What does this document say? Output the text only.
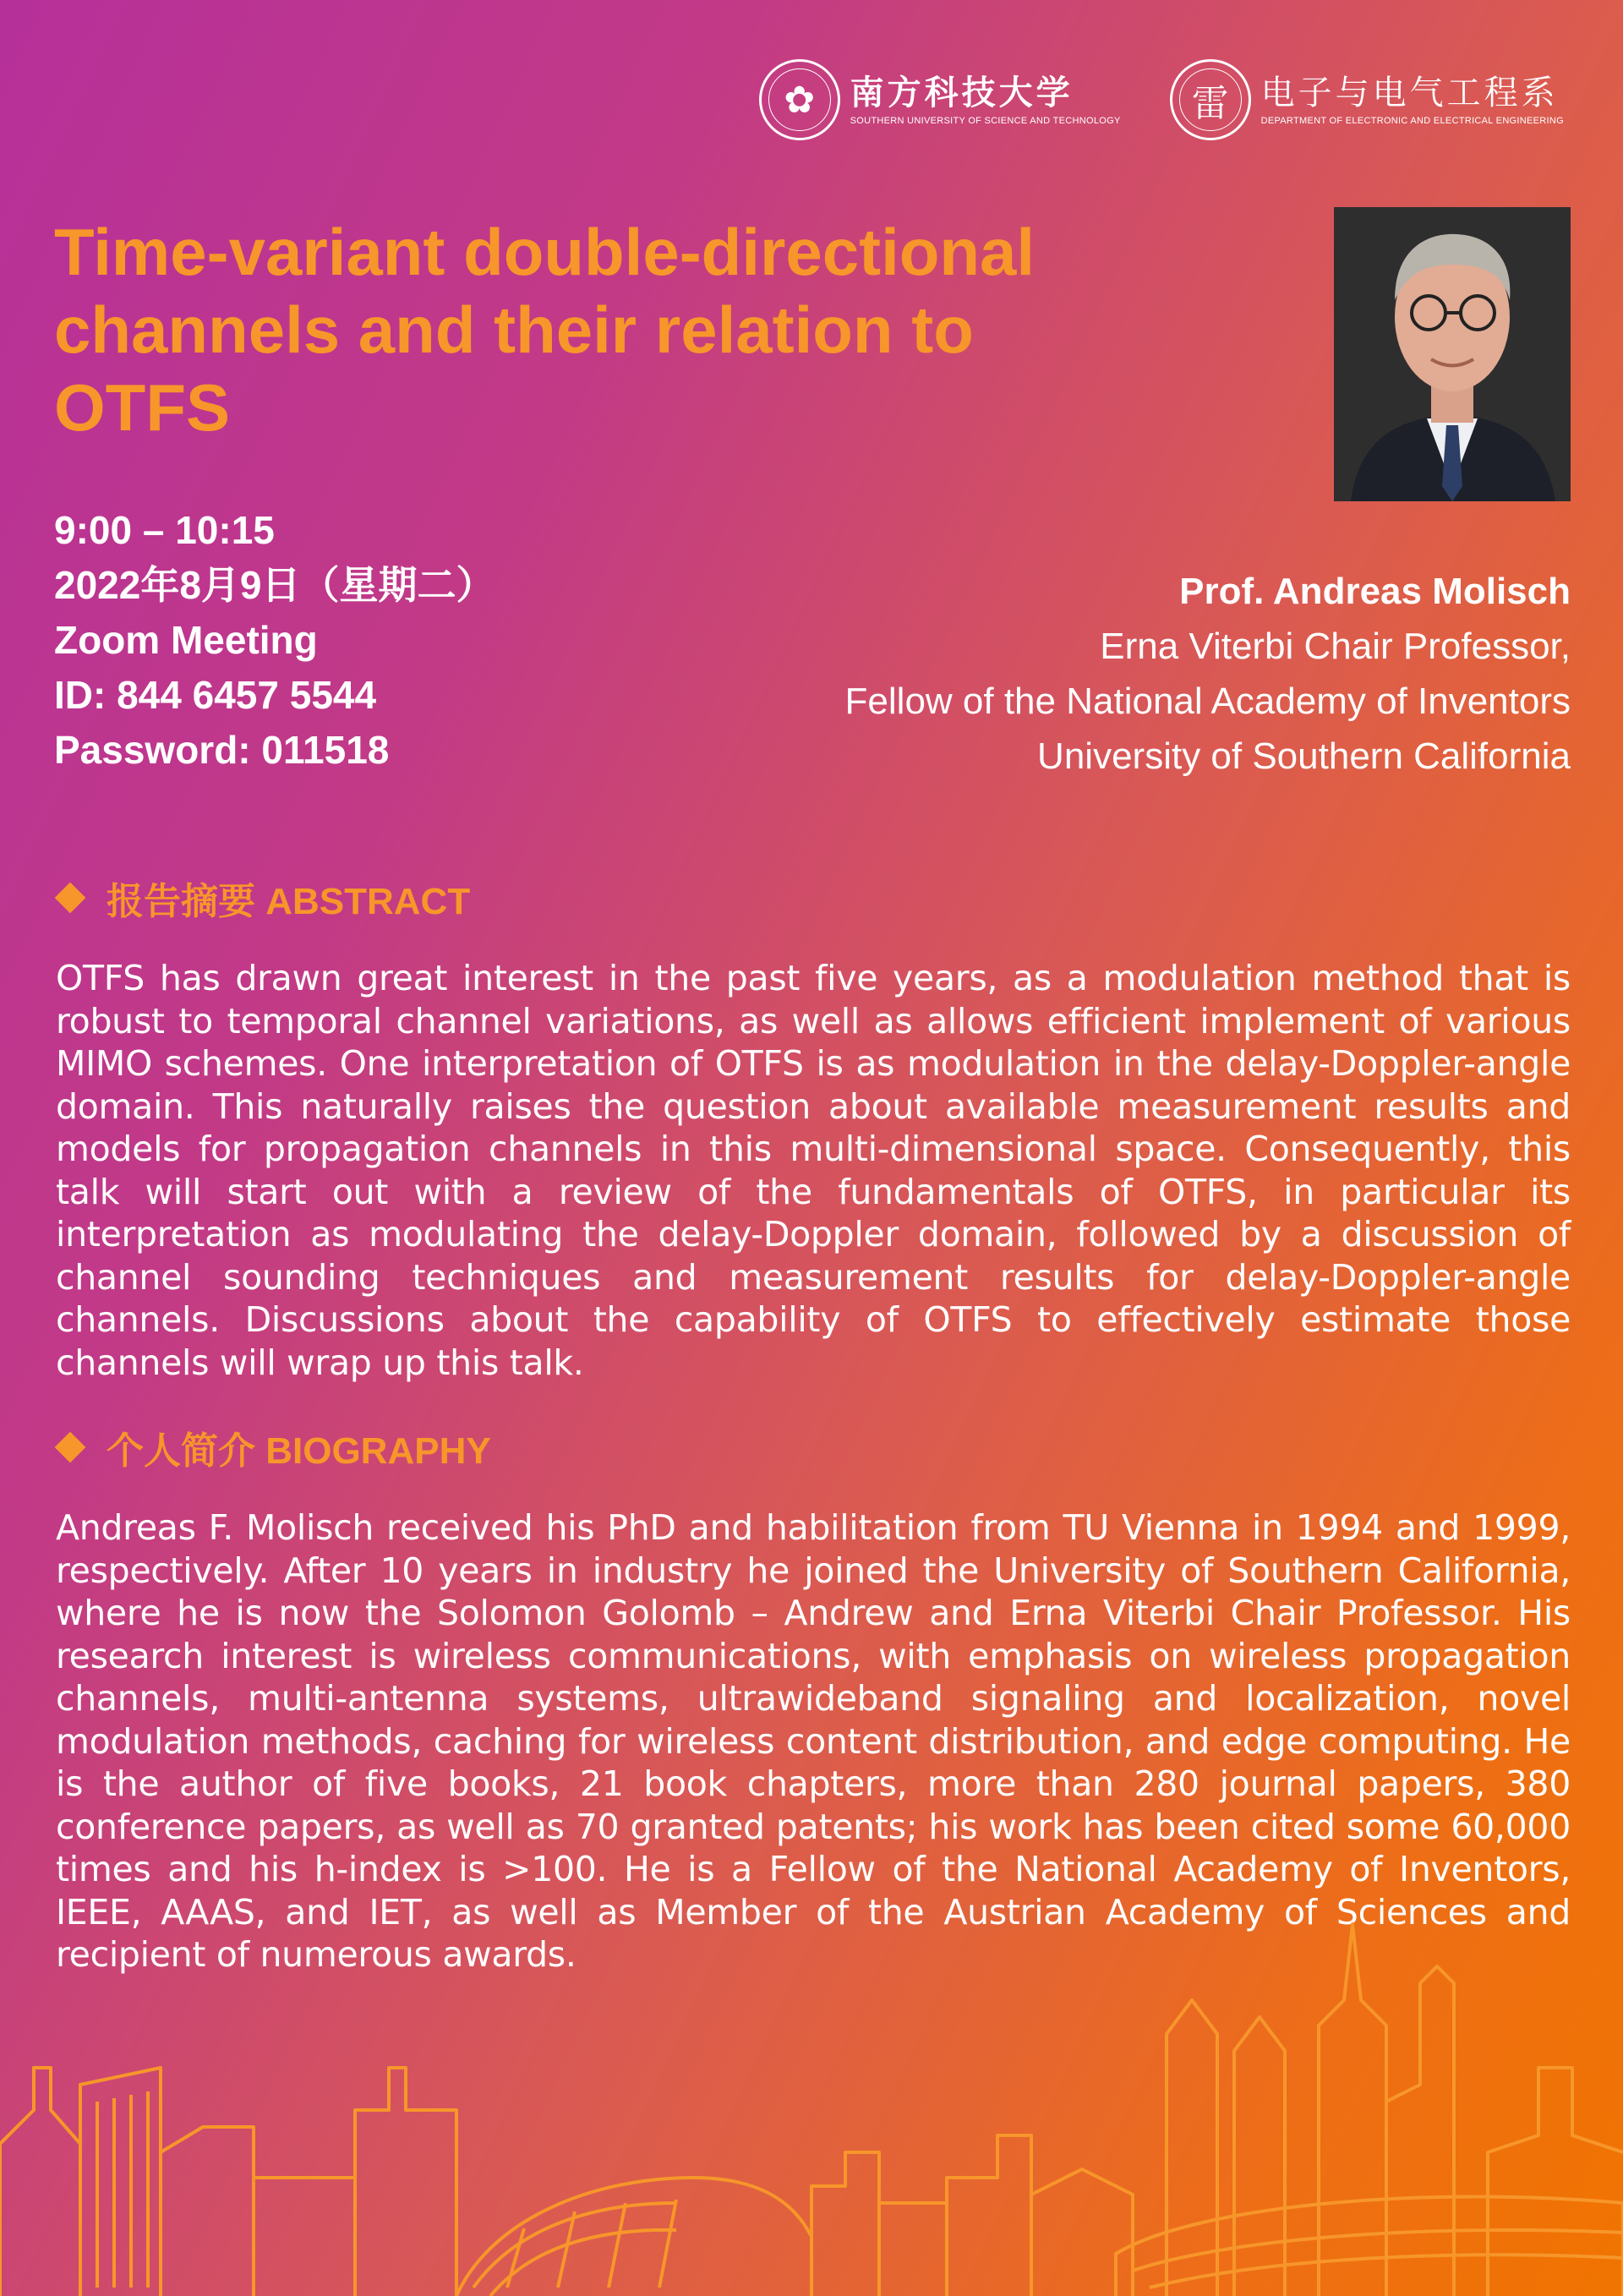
✿	南方科技大学
SOUTHERN UNIVERSITY OF SCIENCE AND TECHNOLOGY	雷 电子与电气工程系
DEPARTMENT OF ELECTRONIC AND ELECTRICAL ENGINEERING
Time-variant double-directional channels and their relation to OTFS
9:00 – 10:15
2022年8月9日（星期二）
Zoom Meeting
ID: 844 6457 5544
Password: 011518
Prof. Andreas Molisch
Erna Viterbi Chair Professor,
Fellow of the National Academy of Inventors
University of Southern California
报告摘要 ABSTRACT

OTFS has drawn great interest in the past five years, as a modulation method that is robust to temporal channel variations, as well as allows efficient implement of various MIMO schemes. One interpretation of OTFS is as modulation in the delay-Doppler-angle domain. This naturally raises the question about available measurement results and models for propagation channels in this multi-dimensional space. Consequently, this talk will start out with a review of the fundamentals of OTFS, in particular its interpretation as modulating the delay-Doppler domain, followed by a discussion of channel sounding techniques and measurement results for delay-Doppler-angle channels. Discussions about the capability of OTFS to effectively estimate those channels will wrap up this talk.

个人简介 BIOGRAPHY

Andreas F. Molisch received his PhD and habilitation from TU Vienna in 1994 and 1999, respectively. After 10 years in industry he joined the University of Southern California, where he is now the Solomon Golomb – Andrew and Erna Viterbi Chair Professor. His research interest is wireless communications, with emphasis on wireless propagation channels, multi-antenna systems, ultrawideband signaling and localization, novel modulation methods, caching for wireless content distribution, and edge computing. He is the author of five books, 21 book chapters, more than 280 journal papers, 380 conference papers, as well as 70 granted patents; his work has been cited some 60,000 times and his h-index is >100. He is a Fellow of the National Academy of Inventors, IEEE, AAAS, and IET, as well as Member of the Austrian Academy of Sciences and recipient of numerous awards.
